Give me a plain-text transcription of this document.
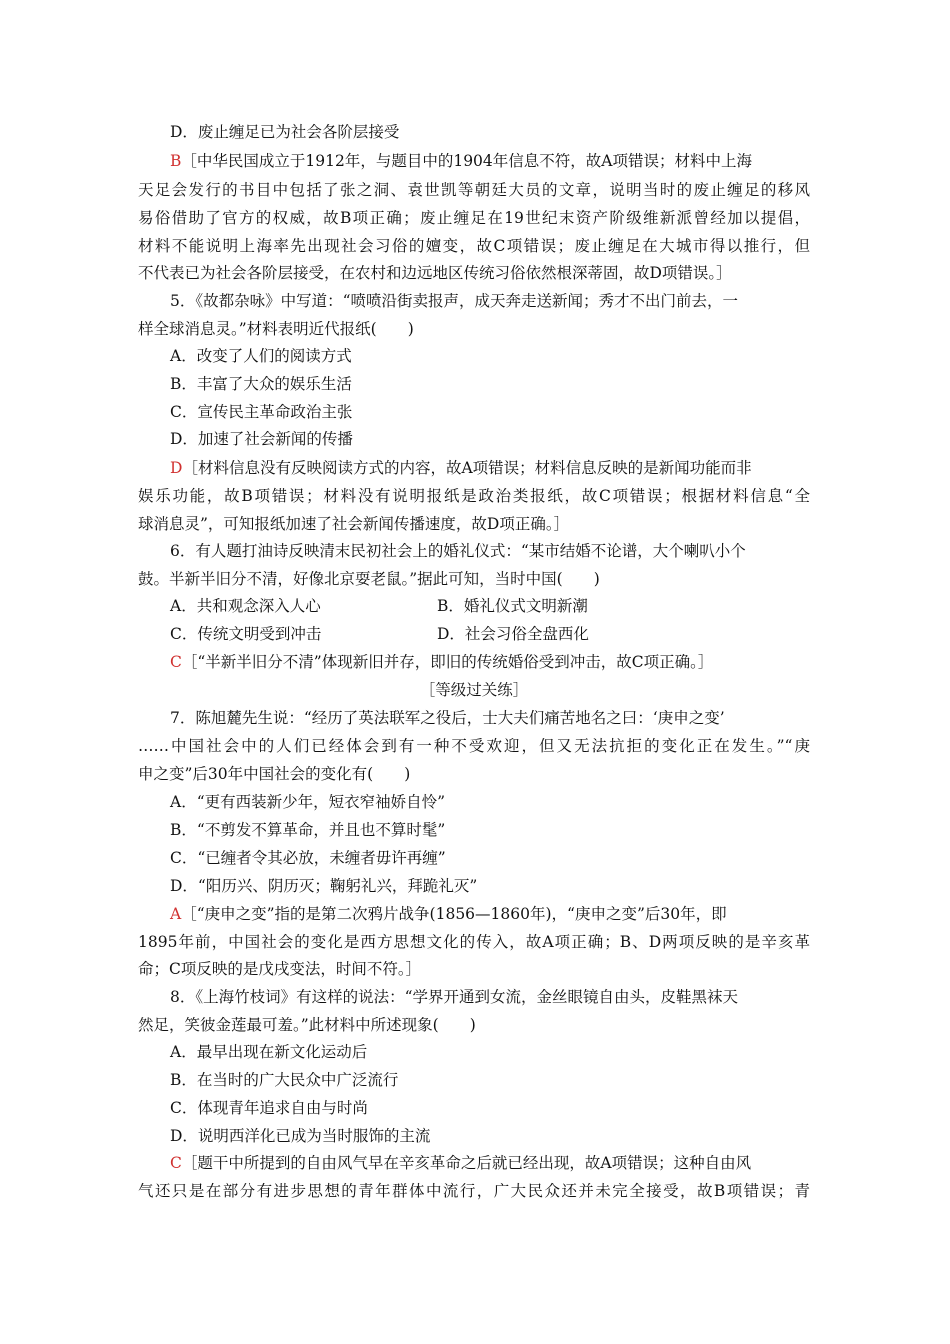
D．废止缠足已为社会各阶层接受
B［中华民国成立于1912年，与题目中的1904年信息不符，故A项错误；材料中上海
天足会发行的书目中包括了张之洞、袁世凯等朝廷大员的文章，说明当时的废止缠足的移风
易俗借助了官方的权威，故B项正确；废止缠足在19世纪末资产阶级维新派曾经加以提倡，
材料不能说明上海率先出现社会习俗的嬗变，故C项错误；废止缠足在大城市得以推行，但
不代表已为社会各阶层接受，在农村和边远地区传统习俗依然根深蒂固，故D项错误。］
5．《故都杂咏》中写道：“喷喷沿街卖报声，成天奔走送新闻；秀才不出门前去，一
样全球消息灵。”材料表明近代报纸(　　)
A．改变了人们的阅读方式
B．丰富了大众的娱乐生活
C．宣传民主革命政治主张
D．加速了社会新闻的传播
D［材料信息没有反映阅读方式的内容，故A项错误；材料信息反映的是新闻功能而非
娱乐功能，故B项错误；材料没有说明报纸是政治类报纸，故C项错误；根据材料信息“全
球消息灵”，可知报纸加速了社会新闻传播速度，故D项正确。］
6．有人题打油诗反映清末民初社会上的婚礼仪式：“某市结婚不论谱，大个喇叭小个
鼓。半新半旧分不清，好像北京耍老鼠。”据此可知，当时中国(　　)
A．共和观念深入人心	B．婚礼仪式文明新潮
C．传统文明受到冲击	D．社会习俗全盘西化
C［“半新半旧分不清”体现新旧并存，即旧的传统婚俗受到冲击，故C项正确。］
［等级过关练］
7．陈旭麓先生说：“经历了英法联军之役后，士大夫们痛苦地名之曰：‘庚申之变’
……中国社会中的人们已经体会到有一种不受欢迎，但又无法抗拒的变化正在发生。”“庚
申之变”后30年中国社会的变化有(　　)
A．“更有西装新少年，短衣窄袖娇自怜”
B．“不剪发不算革命，并且也不算时髦”
C．“已缠者令其必放，未缠者毋许再缠”
D．“阳历兴、阴历灭；鞠躬礼兴，拜跪礼灭”
A［“庚申之变”指的是第二次鸦片战争(1856—1860年)，“庚申之变”后30年，即
1895年前，中国社会的变化是西方思想文化的传入，故A项正确；B、D两项反映的是辛亥革
命；C项反映的是戊戌变法，时间不符。］
8．《上海竹枝词》有这样的说法：“学界开通到女流，金丝眼镜自由头，皮鞋黑袜天
然足，笑彼金莲最可羞。”此材料中所述现象(　　)
A．最早出现在新文化运动后
B．在当时的广大民众中广泛流行
C．体现青年追求自由与时尚
D．说明西洋化已成为当时服饰的主流
C［题干中所提到的自由风气早在辛亥革命之后就已经出现，故A项错误；这种自由风
气还只是在部分有进步思想的青年群体中流行，广大民众还并未完全接受，故B项错误；青
